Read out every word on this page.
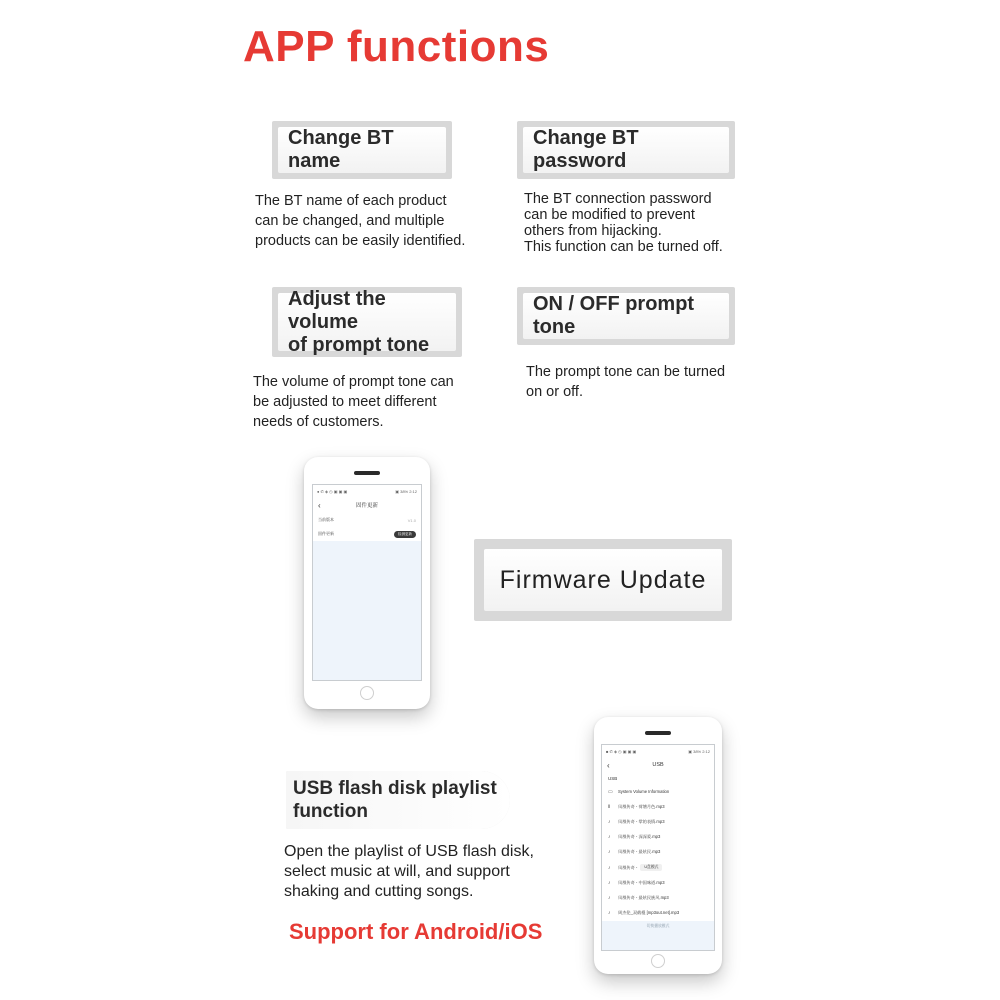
APP functions
Change BT name

The BT name of each product
can be changed, and multiple
products can be easily identified.

Change BT password

The BT connection password
can be modified to prevent
others from hijacking.
This function can be turned off.

Adjust the volume
of prompt tone

The volume of prompt tone can
be adjusted to meet different
needs of customers.

ON / OFF prompt tone

The prompt tone can be turned
on or off.

● ✆ ◈ ◷ ▣ ▣ ▣	▣ 38% 2:12
‹	固件更新
当前版本	V1.0
固件更新	检测更新
Firmware Update
■ ✆ ◈ ◷ ▣ ▣ ▣	▣ 38% 2:12
‹	USB
USB
▭	System Volume Information
Ⅱ	凤凰传奇 - 荷塘月色.mp3
♪	凤凰传奇 - 掌的表情.mp3
♪	凤凰传奇 - 深深爱.mp3
♪	凤凰传奇 - 最炫民.mp3
♪	凤凰传奇 -	U盘模式
♪	凤凰传奇 - 中国味道.mp3
♪	凤凰传奇 - 最炫民族风.mp3
♪	周杰伦_双截棍 [mp3out.net].mp3
切换播放模式
USB flash disk playlist
function

Open the playlist of USB flash disk,
select music at will, and support
shaking and cutting songs.

Support for Android/iOS
